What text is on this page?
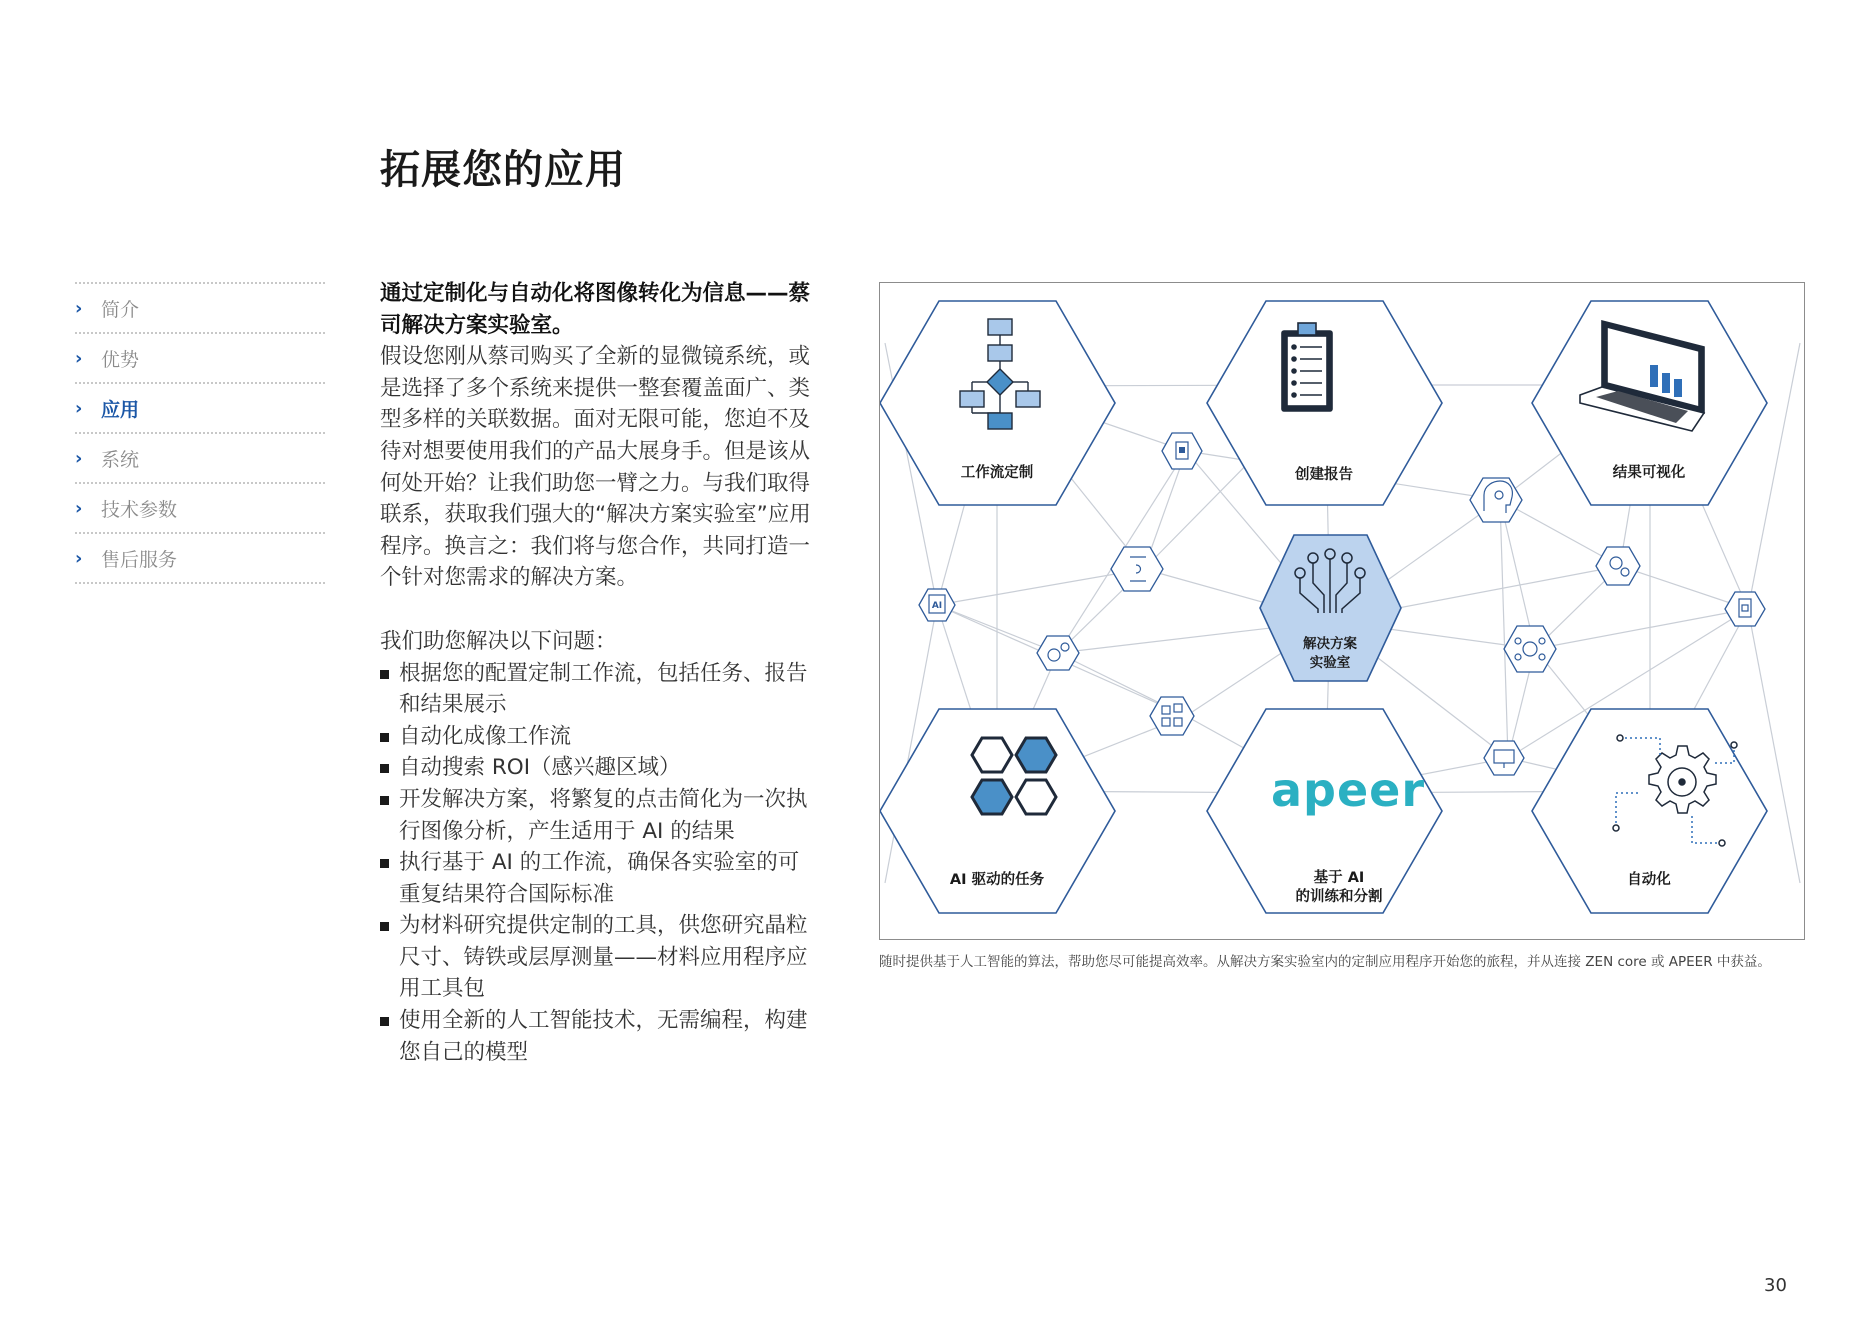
拓展您的应用
› 简介
› 优势
› 应用
› 系统
› 技术参数
› 售后服务

通过定制化与自动化将图像转化为信息——蔡司解决方案实验室。

假设您刚从蔡司购买了全新的显微镜系统，或是选择了多个系统来提供一整套覆盖面广、类型多样的关联数据。面对无限可能，您迫不及待对想要使用我们的产品大展身手。但是该从何处开始？让我们助您一臂之力。与我们取得联系，获取我们强大的“解决方案实验室”应用程序。换言之：我们将与您合作，共同打造一个针对您需求的解决方案。

我们助您解决以下问题：

根据您的配置定制工作流，包括任务、报告和结果展示
自动化成像工作流
自动搜索 ROI（感兴趣区域）
开发解决方案，将繁复的点击简化为一次执行图像分析，产生适用于 AI 的结果
执行基于 AI 的工作流，确保各实验室的可重复结果符合国际标准
为材料研究提供定制的工具，供您研究晶粒尺寸、铸铁或层厚测量——材料应用程序应用工具包
使用全新的人工智能技术，无需编程，构建您自己的模型
AI
工作流定制	创建报告	结果可视化
解决方案
实验室
AI 驱动的任务
apeer
基于 AI
的训练和分割
自动化

随时提供基于人工智能的算法，帮助您尽可能提高效率。从解决方案实验室内的定制应用程序开始您的旅程，并从连接 ZEN core 或 APEER 中获益。

30
